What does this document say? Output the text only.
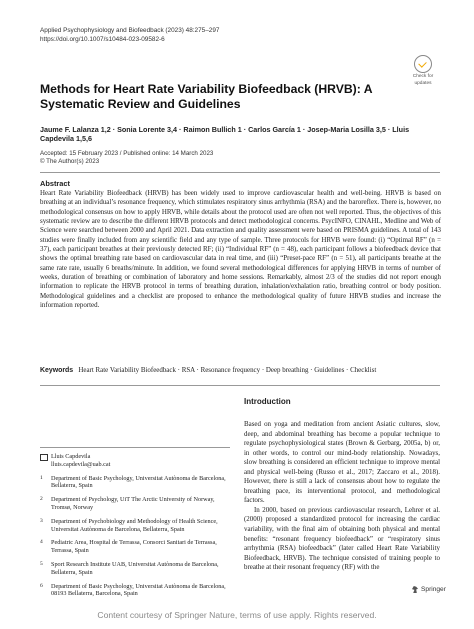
Applied Psychophysiology and Biofeedback (2023) 48:275–297
https://doi.org/10.1007/s10484-023-09582-6
Check for
updates
Methods for Heart Rate Variability Biofeedback (HRVB): A Systematic Review and Guidelines
Jaume F. Lalanza 1,2 · Sonia Lorente 3,4 · Raimon Bullich 1 · Carlos García 1 · Josep-Maria Losilla 3,5 · Lluis Capdevila 1,5,6
Accepted: 15 February 2023 / Published online: 14 March 2023
© The Author(s) 2023
Abstract
Heart Rate Variability Biofeedback (HRVB) has been widely used to improve cardiovascular health and well-being. HRVB is based on breathing at an individual’s resonance frequency, which stimulates respiratory sinus arrhythmia (RSA) and the baroreflex. There is, however, no methodological consensus on how to apply HRVB, while details about the protocol used are often not well reported. Thus, the objectives of this systematic review are to describe the different HRVB protocols and detect methodological concerns. PsycINFO, CINAHL, Medline and Web of Science were searched between 2000 and April 2021. Data extraction and quality assessment were based on PRISMA guidelines. A total of 143 studies were finally included from any scientific field and any type of sample. Three protocols for HRVB were found: (i) “Optimal RF” (n = 37), each participant breathes at their previously detected RF; (ii) “Individual RF” (n = 48), each participant follows a biofeedback device that shows the optimal breathing rate based on cardiovascular data in real time, and (iii) “Preset-pace RF” (n = 51), all participants breathe at the same rate rate, usually 6 breaths/minute. In addition, we found several methodological differences for applying HRVB in terms of number of weeks, duration of breathing or combination of laboratory and home sessions. Remarkably, almost 2/3 of the studies did not report enough information to replicate the HRVB protocol in terms of breathing duration, inhalation/exhalation ratio, breathing control or body position. Methodological guidelines and a checklist are proposed to enhance the methodological quality of future HRVB studies and increase the information reported.
Keywords Heart Rate Variability Biofeedback · RSA · Resonance frequency · Deep breathing · Guidelines · Checklist
Introduction

Based on yoga and meditation from ancient Asiatic cultures, slow, deep, and abdominal breathing has become a popular technique to regulate psychophysiological states (Brown & Gerbarg, 2005a, b) or, in other words, to control our mind-body relationship. Nowadays, slow breathing is considered an efficient technique to improve mental and physical well-being (Russo et al., 2017; Zaccaro et al., 2018). However, there is still a lack of consensus about how to regulate the breathing pace, its interventional protocol, and methodological factors.

In 2000, based on previous cardiovascular research, Lehrer et al. (2000) proposed a standardized protocol for increasing the cardiac variability, with the final aim of obtaining both physical and mental benefits: “resonant frequency biofeedback” or “respiratory sinus arrhythmia (RSA) biofeedback” (later called Heart Rate Variability Biofeedback, HRVB). The technique consisted of training people to breathe at their resonant frequency (RF) with the

Lluis Capdevila
lluis.capdevila@uab.cat
1	Department of Basic Psychology, Universitat Autònoma de Barcelona, Bellaterra, Spain
2	Department of Psychology, UiT The Arctic University of Norway, Tromsø, Norway
3	Department of Psychobiology and Methodology of Health Science, Universitat Autònoma de Barcelona, Bellaterra, Spain
4	Pediatric Area, Hospital de Terrassa, Consorci Sanitari de Terrassa, Terrassa, Spain
5	Sport Research Institute UAB, Universitat Autònoma de Barcelona, Bellaterra, Spain
6	Department of Basic Psychology, Universitat Autònoma de Barcelona, 08193 Bellaterra, Barcelona, Spain
Springer
Content courtesy of Springer Nature, terms of use apply. Rights reserved.
